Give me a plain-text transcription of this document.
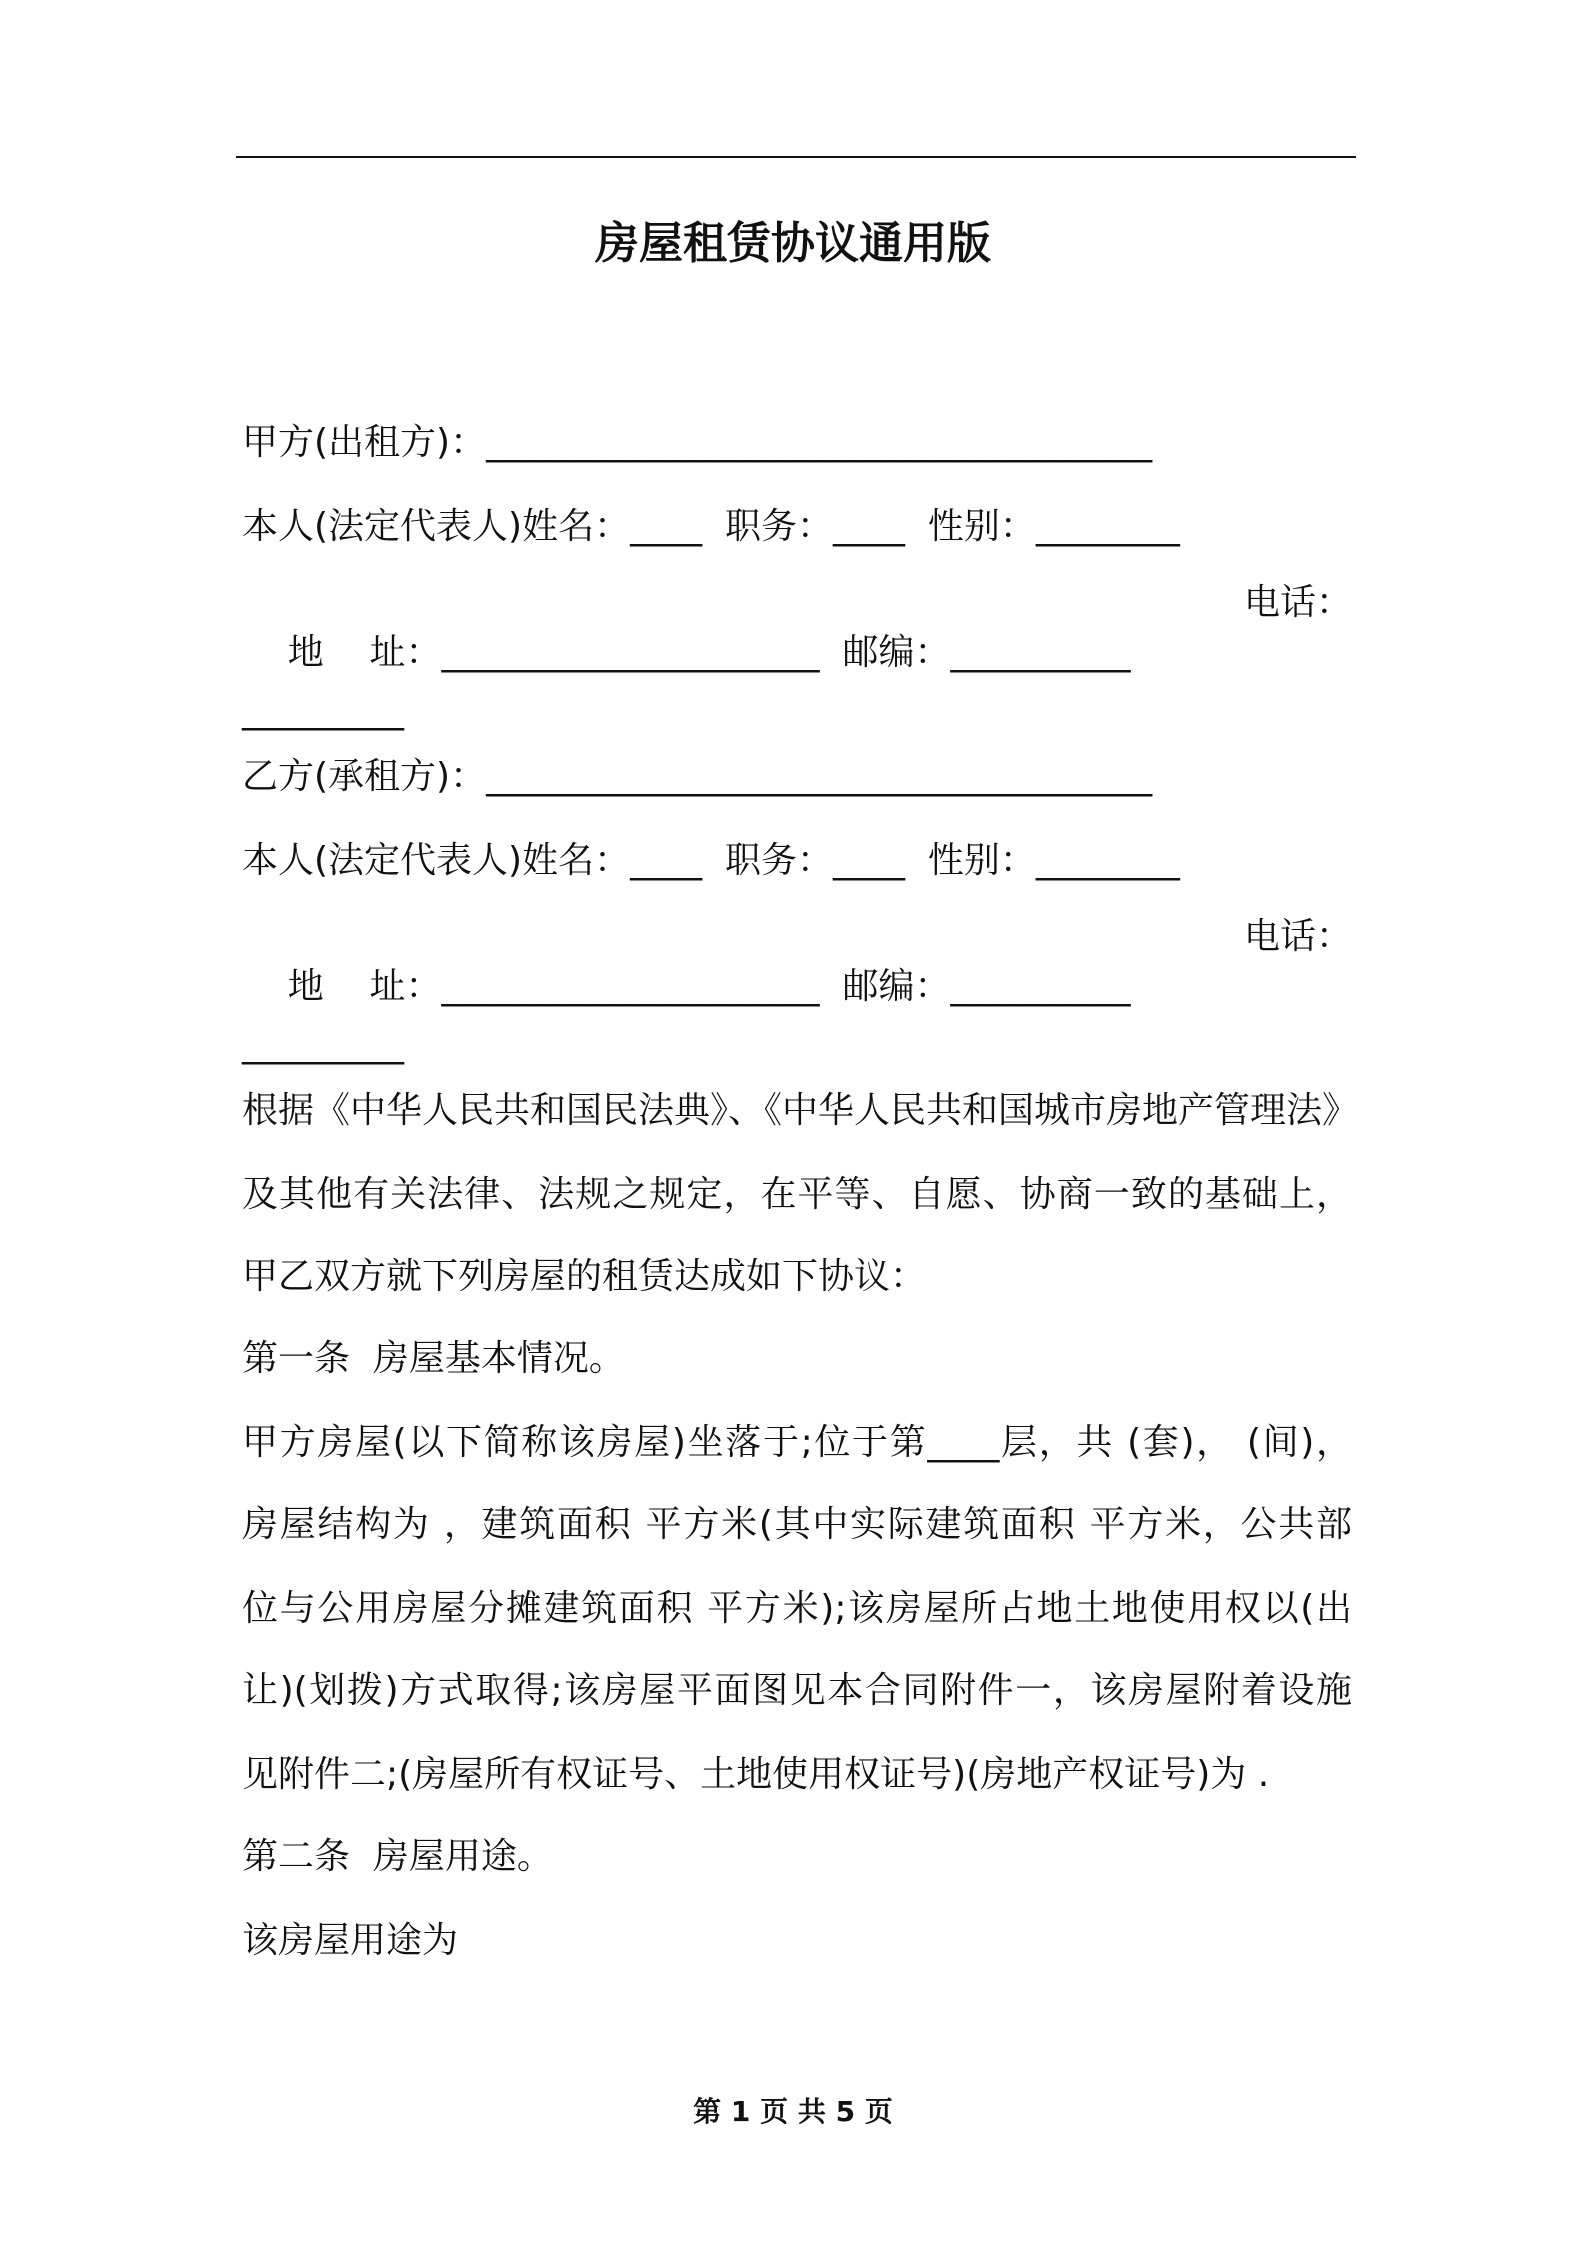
房屋租赁协议通用版
甲方(出租方)：_____________________________________
本人(法定代表人)姓名：____  职务：____  性别：________

地    址：_____________________  邮编：__________

电话：

_________
乙方(承租方)：_____________________________________
本人(法定代表人)姓名：____  职务：____  性别：________

地    址：_____________________  邮编：__________

电话：

_________
根据《中华人民共和国民法典》、《中华人民共和国城市房地产管理法》
及其他有关法律、法规之规定，在平等、自愿、协商一致的基础上，
甲乙双方就下列房屋的租赁达成如下协议：
第一条  房屋基本情况。
甲方房屋(以下简称该房屋)坐落于;位于第____层，共 (套)， (间)，
房屋结构为 ，建筑面积 平方米(其中实际建筑面积 平方米，公共部
位与公用房屋分摊建筑面积 平方米);该房屋所占地土地使用权以(出
让)(划拨)方式取得;该房屋平面图见本合同附件一，该房屋附着设施
见附件二;(房屋所有权证号、土地使用权证号)(房地产权证号)为 .
第二条  房屋用途。
该房屋用途为
第 1 页 共 5 页
